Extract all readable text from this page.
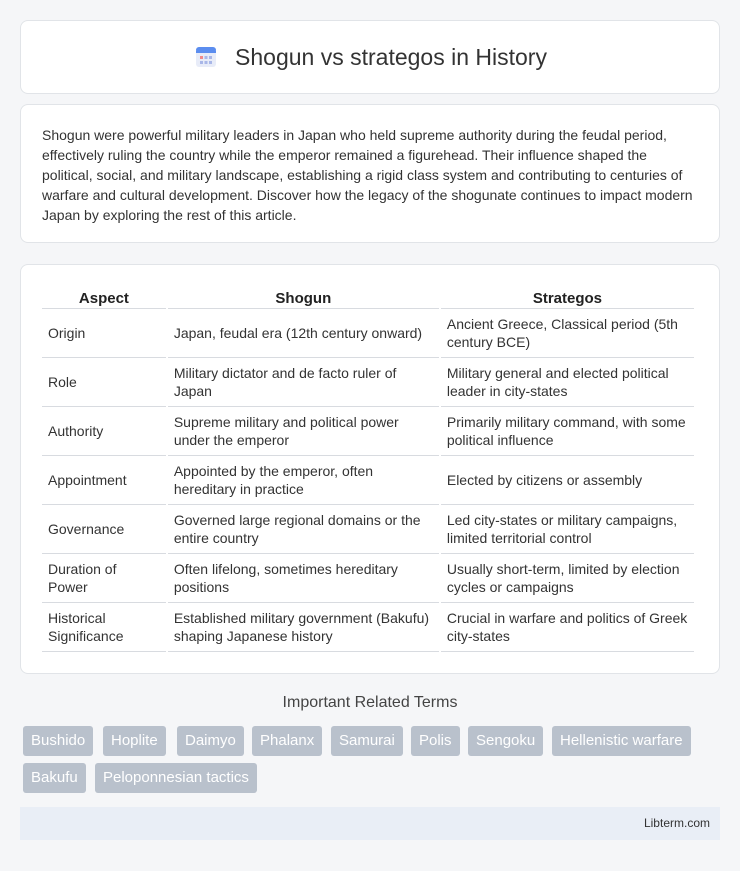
Shogun vs strategos in History

Shogun were powerful military leaders in Japan who held supreme authority during the feudal period, effectively ruling the country while the emperor remained a figurehead. Their influence shaped the political, social, and military landscape, establishing a rigid class system and contributing to centuries of warfare and cultural development. Discover how the legacy of the shogunate continues to impact modern Japan by exploring the rest of this article.

Aspect	Shogun	Strategos
Origin	Japan, feudal era (12th century onward)	Ancient Greece, Classical period (5th century BCE)
Role	Military dictator and de facto ruler of Japan	Military general and elected political leader in city-states
Authority	Supreme military and political power under the emperor	Primarily military command, with some political influence
Appointment	Appointed by the emperor, often hereditary in practice	Elected by citizens or assembly
Governance	Governed large regional domains or the entire country	Led city-states or military campaigns, limited territorial control
Duration of Power	Often lifelong, sometimes hereditary positions	Usually short-term, limited by election cycles or campaigns
Historical Significance	Established military government (Bakufu) shaping Japanese history	Crucial in warfare and politics of Greek city-states
Important Related Terms
Bushido	Hoplite	Daimyo	Phalanx	Samurai	Polis	Sengoku	Hellenistic warfare
Bakufu	Peloponnesian tactics
Libterm.com
